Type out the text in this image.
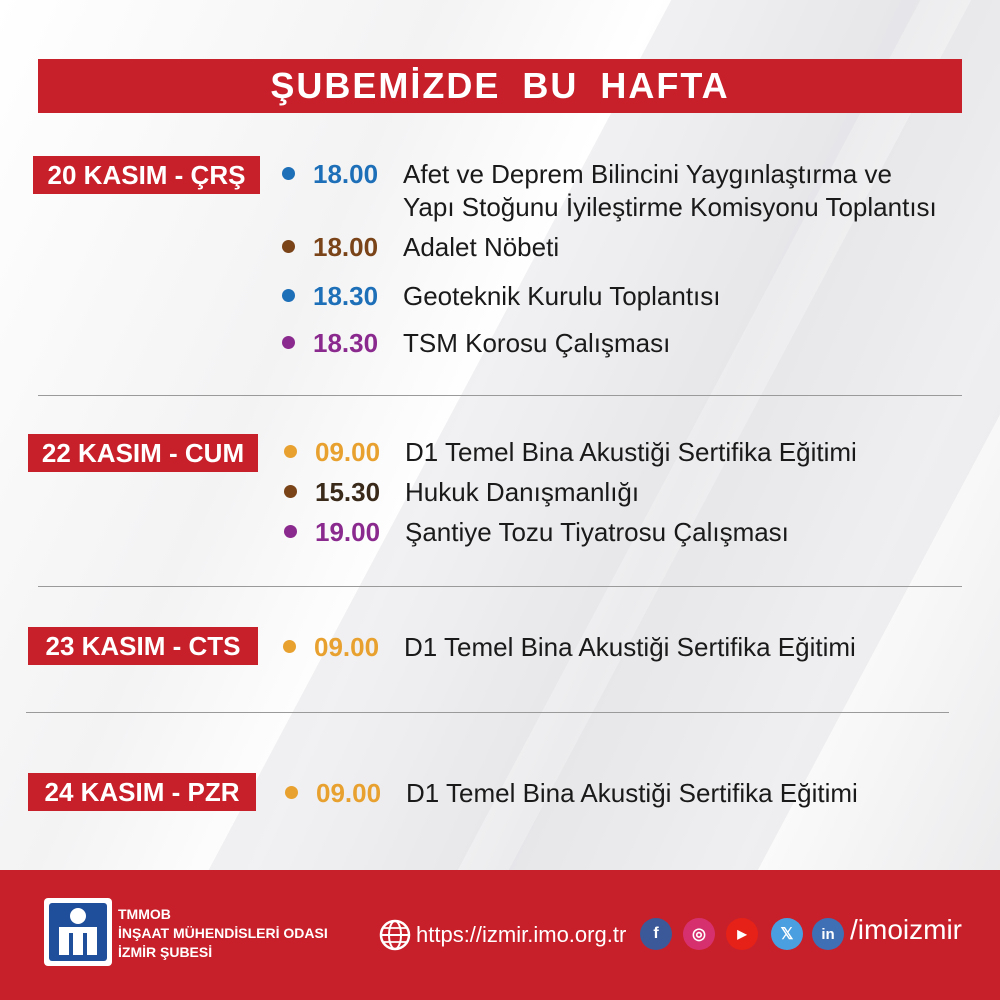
ŞUBEMİZDE BU HAFTA
20 KASIM - ÇRŞ	18.00 Afet ve Deprem Bilincini Yaygınlaştırma ve
Yapı Stoğunu İyileştirme Komisyonu Toplantısı
18.00 Adalet Nöbeti
18.30 Geoteknik Kurulu Toplantısı
18.30 TSM Korosu Çalışması
22 KASIM - CUM	09.00 D1 Temel Bina Akustiği Sertifika Eğitimi
15.30 Hukuk Danışmanlığı
19.00 Şantiye Tozu Tiyatrosu Çalışması
23 KASIM - CTS	09.00 D1 Temel Bina Akustiği Sertifika Eğitimi
24 KASIM - PZR	09.00 D1 Temel Bina Akustiği Sertifika Eğitimi
TMMOB
İNŞAAT MÜHENDİSLERİ ODASI
İZMİR ŞUBESİ
https://izmir.imo.org.tr	f	◎	▶	𝕏	in /imoizmir
